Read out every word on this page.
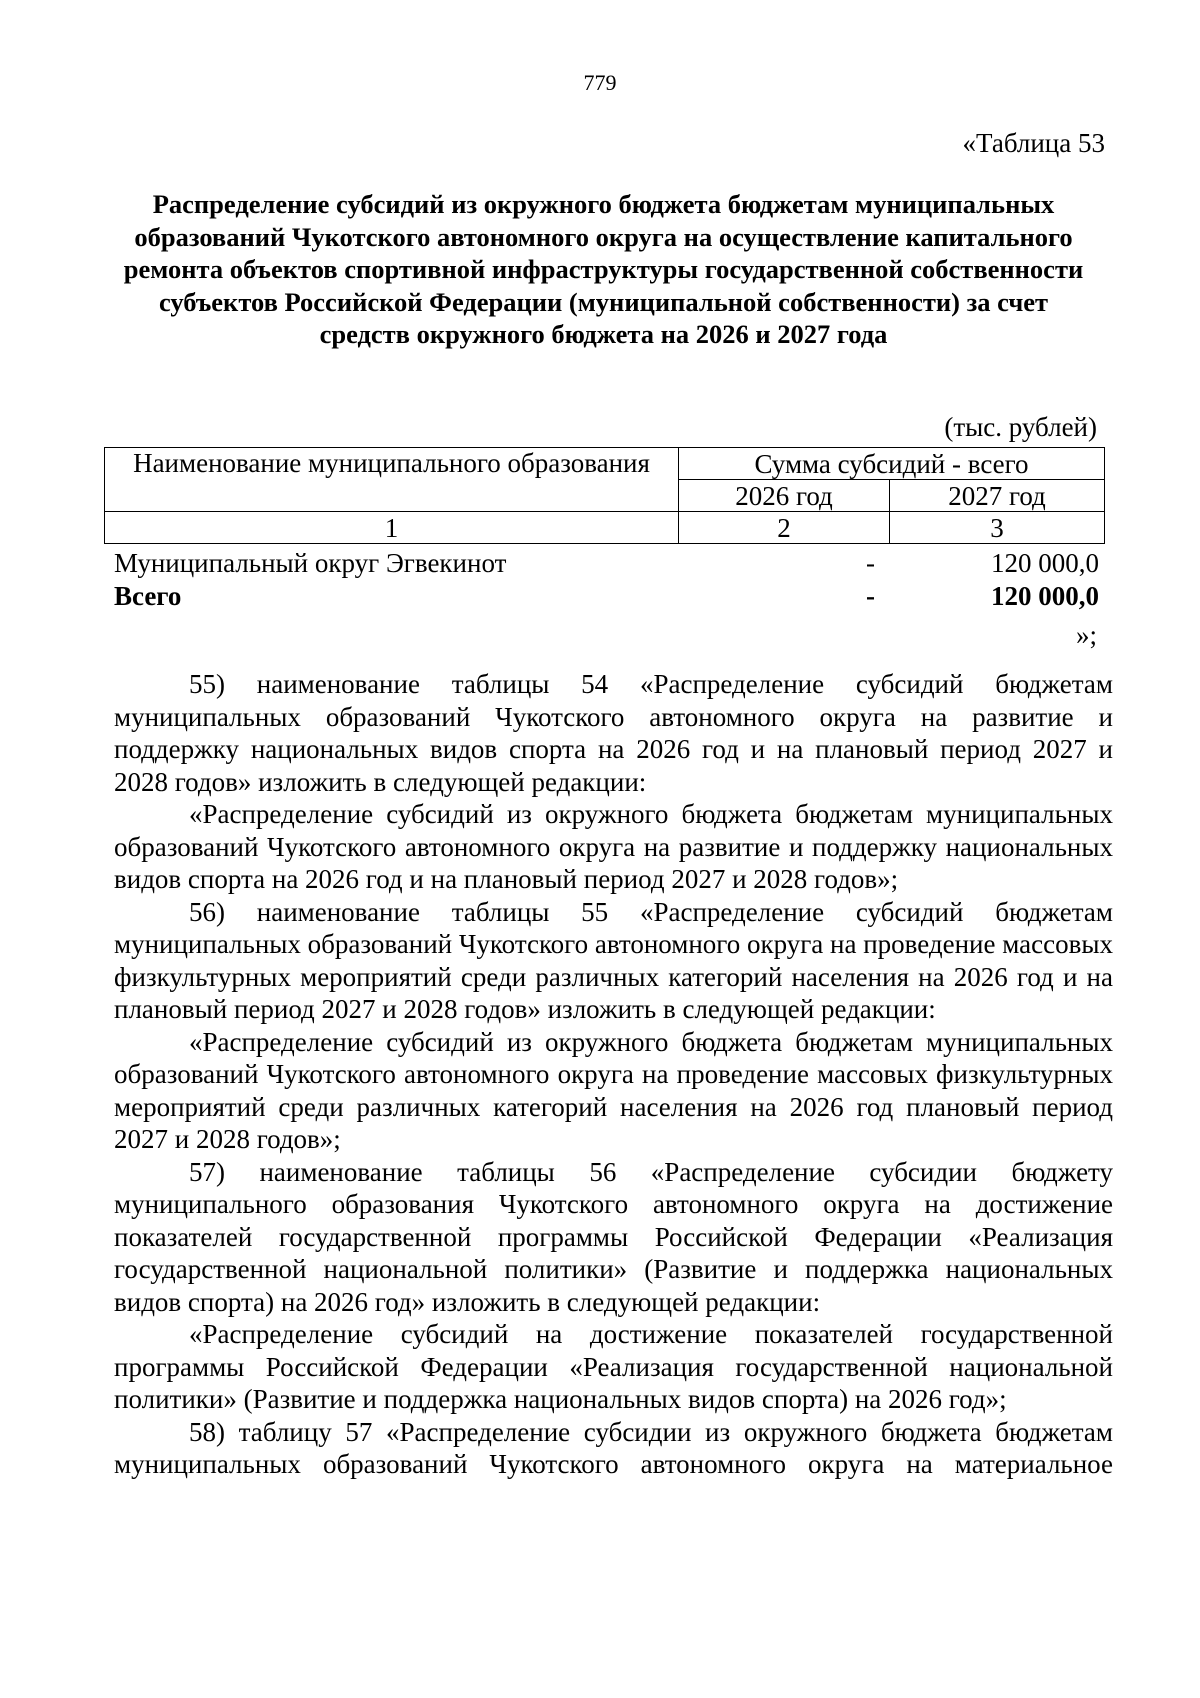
779
«Таблица 53
Распределение субсидий из окружного бюджета бюджетам муниципальных образований Чукотского автономного округа на осуществление капитального ремонта объектов спортивной инфраструктуры государственной собственности субъектов Российской Федерации (муниципальной собственности) за счет средств окружного бюджета на 2026 и 2027 года
(тыс. рублей)
Наименование муниципального образования	Сумма субсидий - всего	
	2026 год	2027 год
1	2	3
Муниципальный округ Эгвекинот	-	120 000,0
Всего	-	120 000,0
»;

55) наименование таблицы 54 «Распределение субсидий бюджетам муниципальных образований Чукотского автономного округа на развитие и поддержку национальных видов спорта на 2026 год и на плановый период 2027 и 2028 годов» изложить в следующей редакции:

«Распределение субсидий из окружного бюджета бюджетам муниципальных образований Чукотского автономного округа на развитие и поддержку национальных видов спорта на 2026 год и на плановый период 2027 и 2028 годов»;

56) наименование таблицы 55 «Распределение субсидий бюджетам муниципальных образований Чукотского автономного округа на проведение массовых физкультурных мероприятий среди различных категорий населения на 2026 год и на плановый период 2027 и 2028 годов» изложить в следующей редакции:

«Распределение субсидий из окружного бюджета бюджетам муниципальных образований Чукотского автономного округа на проведение массовых физкультурных мероприятий среди различных категорий населения на 2026 год плановый период 2027 и 2028 годов»;

57) наименование таблицы 56 «Распределение субсидии бюджету муниципального образования Чукотского автономного округа на достижение показателей государственной программы Российской Федерации «Реализация государственной национальной политики» (Развитие и поддержка национальных видов спорта) на 2026 год» изложить в следующей редакции:

«Распределение субсидий на достижение показателей государственной программы Российской Федерации «Реализация государственной национальной политики» (Развитие и поддержка национальных видов спорта) на 2026 год»;

58) таблицу 57 «Распределение субсидии из окружного бюджета бюджетам муниципальных образований Чукотского автономного округа на материальное
